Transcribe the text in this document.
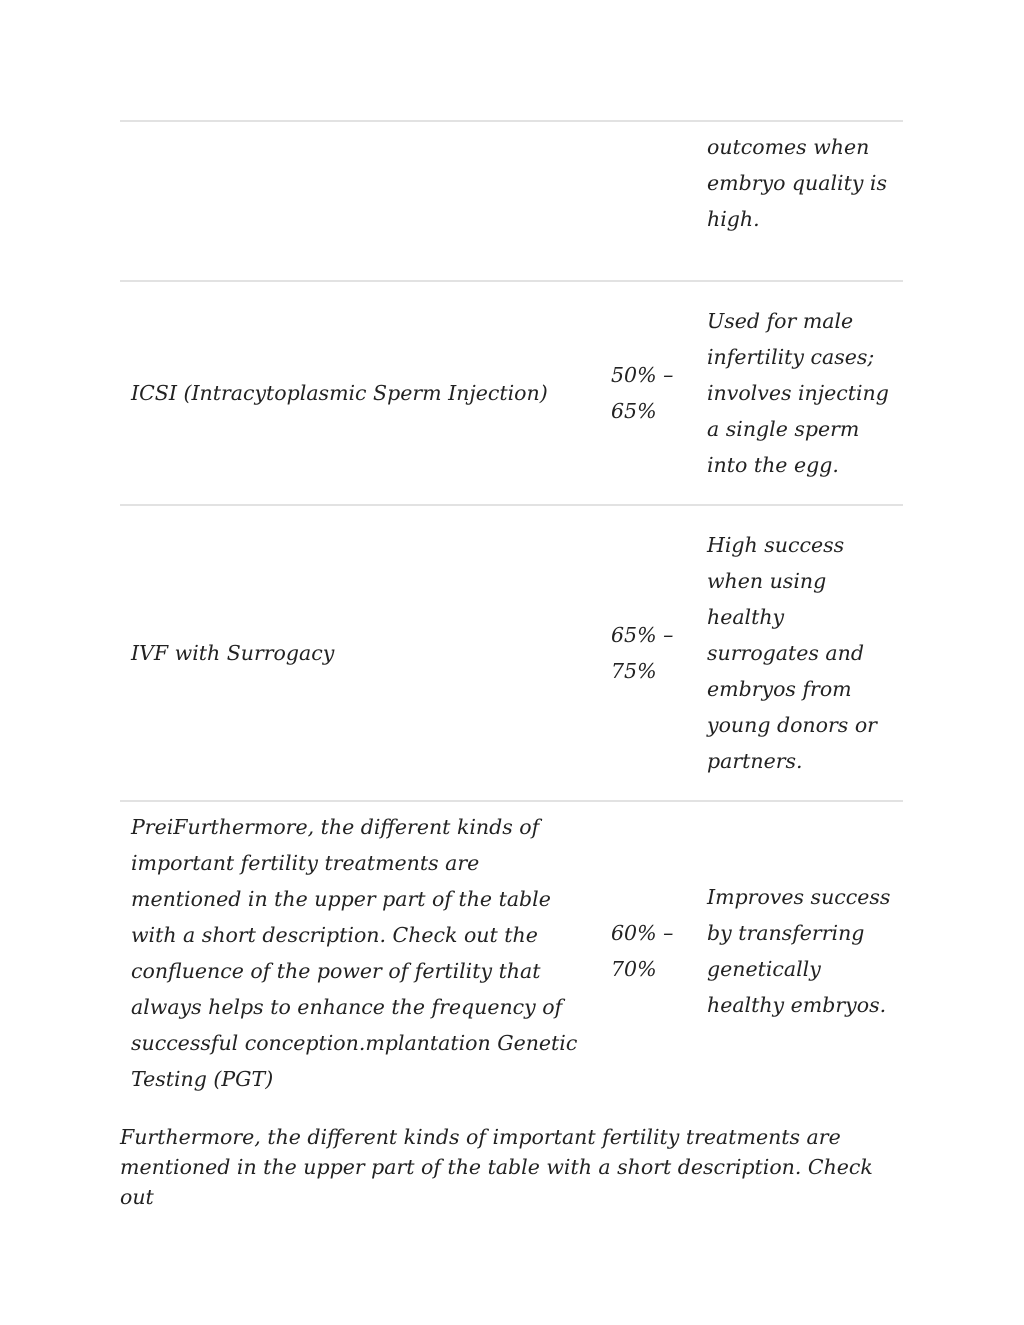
		outcomes when embryo quality is high.
ICSI (Intracytoplasmic Sperm Injection)	50% – 65%	Used for male infertility cases; involves injecting a single sperm into the egg.
IVF with Surrogacy	65% – 75%	High success when using healthy surrogates and embryos from young donors or partners.
PreiFurthermore, the different kinds of important fertility treatments are mentioned in the upper part of the table with a short description. Check out the confluence of the power of fertility that always helps to enhance the frequency of successful conception.mplantation Genetic Testing (PGT)	60% – 70%	Improves success by transferring genetically healthy embryos.

Furthermore, the different kinds of important fertility treatments are mentioned in the upper part of the table with a short description. Check out
